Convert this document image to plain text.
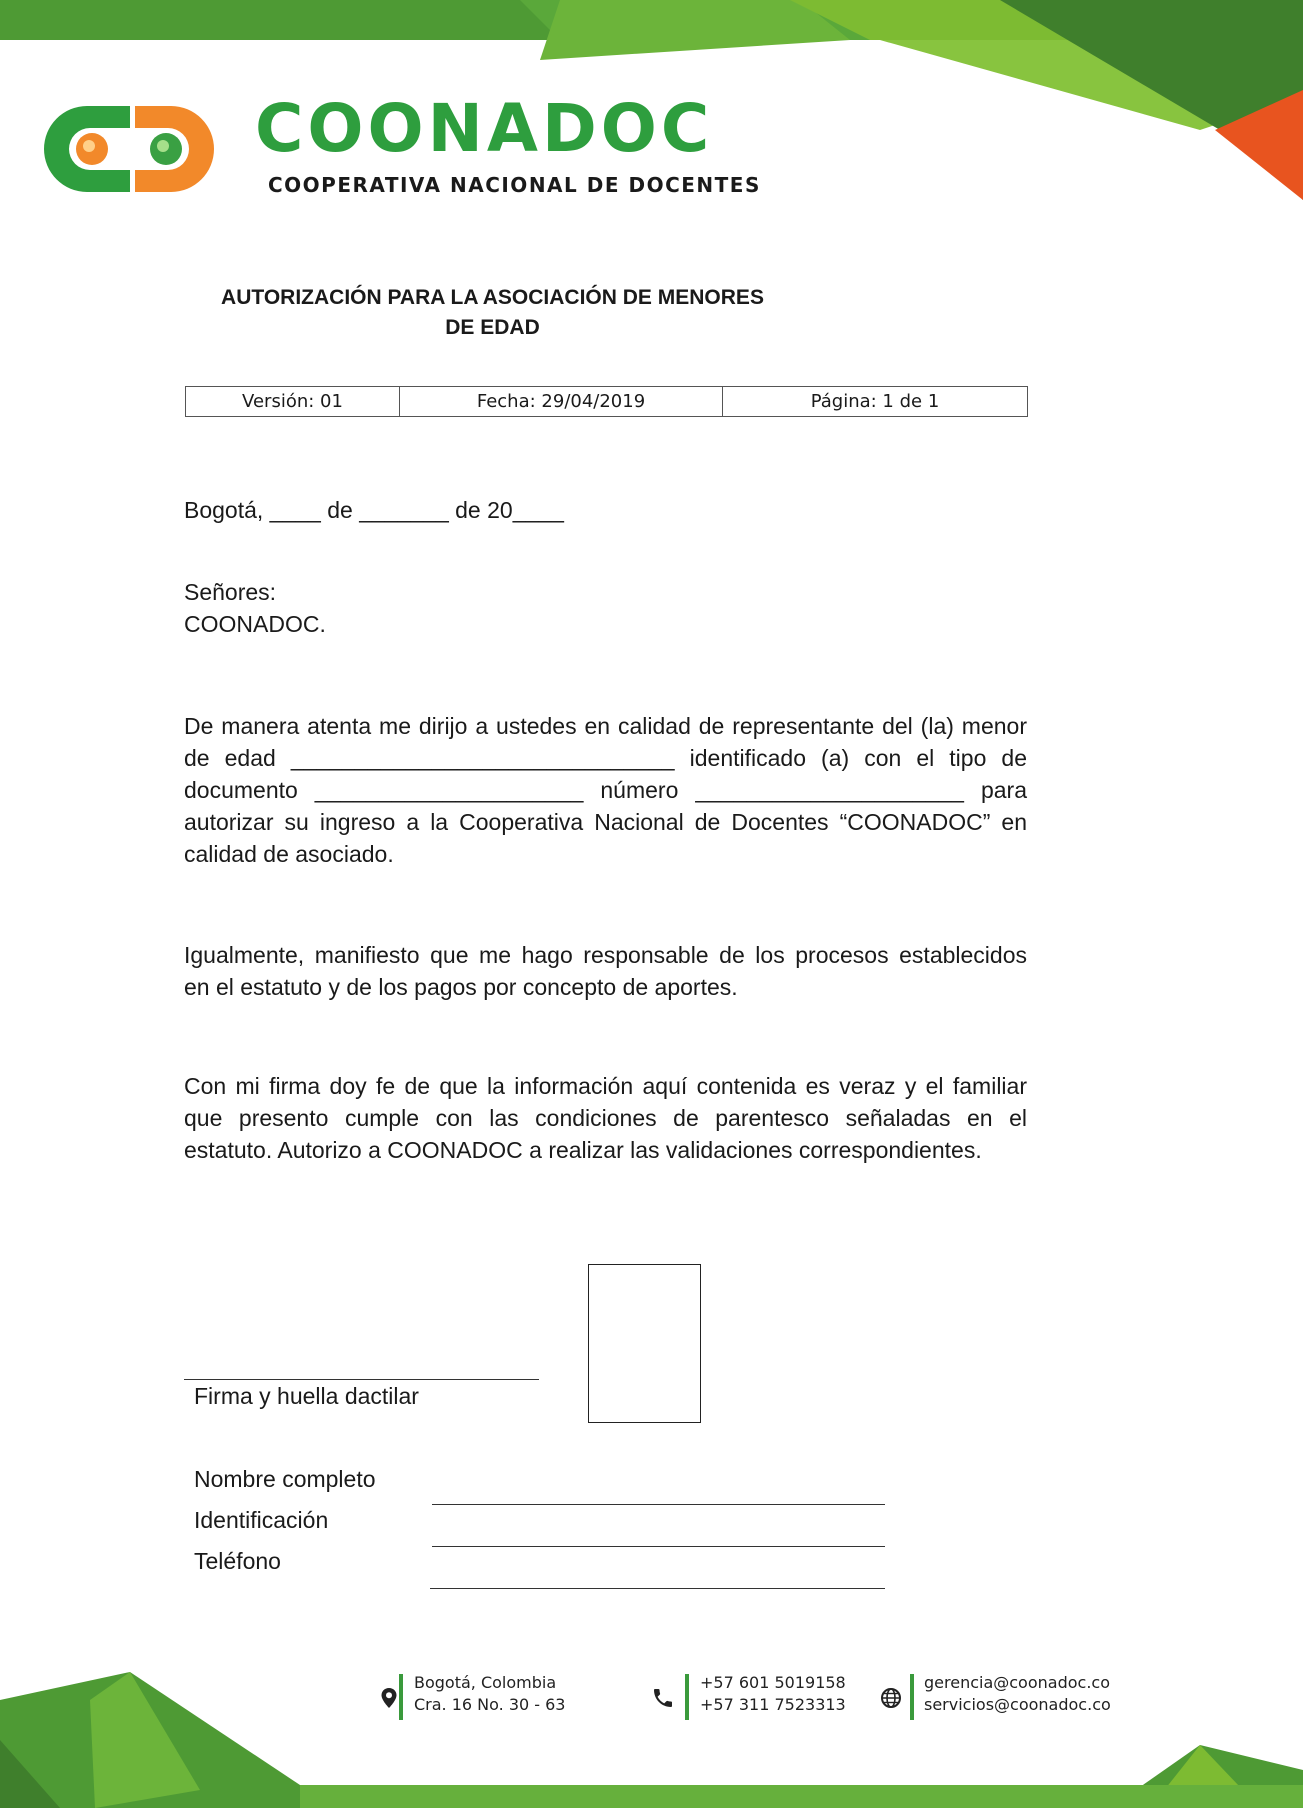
COONADOC
COOPERATIVA NACIONAL DE DOCENTES
AUTORIZACIÓN PARA LA ASOCIACIÓN DE MENORES
DE EDAD
Versión: 01	Fecha: 29/04/2019	Página: 1 de 1
Bogotá, ____ de _______ de 20____
Señores:
COONADOC.
De manera atenta me dirijo a ustedes en calidad de representante del (la) menor
de edad ______________________________ identificado (a) con el tipo de
documento _____________________ número _____________________ para
autorizar su ingreso a la Cooperativa Nacional de Docentes “COONADOC” en
calidad de asociado.
Igualmente, manifiesto que me hago responsable de los procesos establecidos
en el estatuto y de los pagos por concepto de aportes.
Con mi firma doy fe de que la información aquí contenida es veraz y el familiar
que presento cumple con las condiciones de parentesco señaladas en el
estatuto. Autorizo a COONADOC a realizar las validaciones correspondientes.
Firma y huella dactilar
Nombre completo
Identificación
Teléfono
Bogotá, Colombia
Cra. 16 No. 30 - 63
+57 601 5019158
+57 311 7523313
gerencia@coonadoc.co
servicios@coonadoc.co
